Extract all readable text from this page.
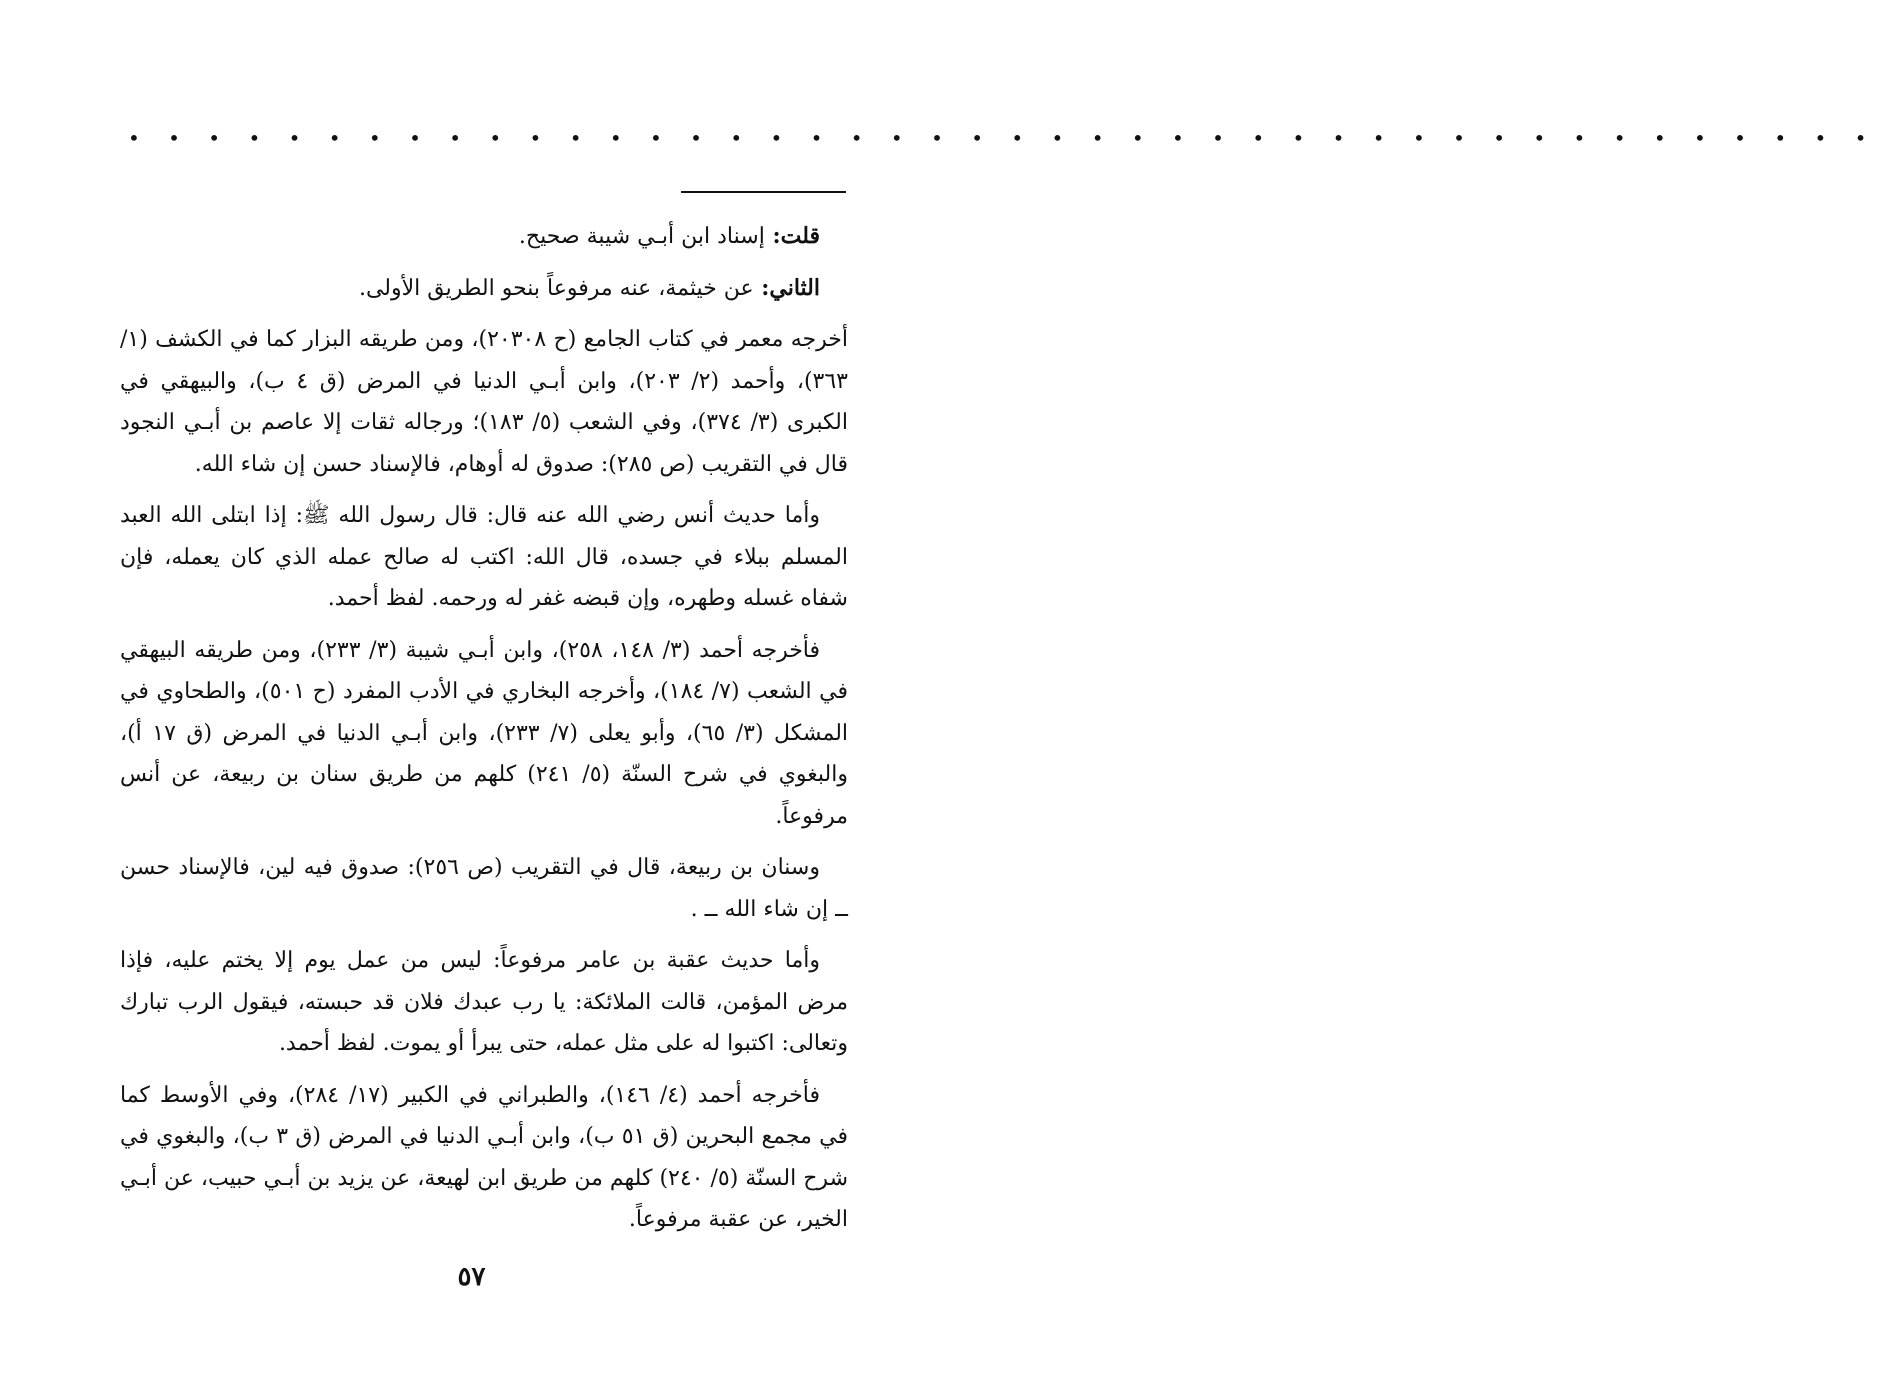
• • • • • • • • • • • • • • • • • • • • • • • • • • • • • • • • • • • • • • • • • • • •

قلت: إسناد ابن أبـي شيبة صحيح.

الثاني: عن خيثمة، عنه مرفوعاً بنحو الطريق الأولى.

أخرجه معمر في كتاب الجامع (ح ٢٠٣٠٨)، ومن طريقه البزار كما في الكشف (١/ ٣٦٣)، وأحمد (٢/ ٢٠٣)، وابن أبـي الدنيا في المرض (ق ٤ ب)، والبيهقي في الكبرى (٣/ ٣٧٤)، وفي الشعب (٥/ ١٨٣)؛ ورجاله ثقات إلا عاصم بن أبـي النجود قال في التقريب (ص ٢٨٥): صدوق له أوهام، فالإسناد حسن إن شاء الله.

وأما حديث أنس رضي الله عنه قال: قال رسول الله ﷺ: إذا ابتلى الله العبد المسلم ببلاء في جسده، قال الله: اكتب له صالح عمله الذي كان يعمله، فإن شفاه غسله وطهره، وإن قبضه غفر له ورحمه. لفظ أحمد.

فأخرجه أحمد (٣/ ١٤٨، ٢٥٨)، وابن أبـي شيبة (٣/ ٢٣٣)، ومن طريقه البيهقي في الشعب (٧/ ١٨٤)، وأخرجه البخاري في الأدب المفرد (ح ٥٠١)، والطحاوي في المشكل (٣/ ٦٥)، وأبو يعلى (٧/ ٢٣٣)، وابن أبـي الدنيا في المرض (ق ١٧ أ)، والبغوي في شرح السنّة (٥/ ٢٤١) كلهم من طريق سنان بن ربيعة، عن أنس مرفوعاً.

وسنان بن ربيعة، قال في التقريب (ص ٢٥٦): صدوق فيه لين، فالإسناد حسن ــ إن شاء الله ــ .

وأما حديث عقبة بن عامر مرفوعاً: ليس من عمل يوم إلا يختم عليه، فإذا مرض المؤمن، قالت الملائكة: يا رب عبدك فلان قد حبسته، فيقول الرب تبارك وتعالى: اكتبوا له على مثل عمله، حتى يبرأ أو يموت. لفظ أحمد.

فأخرجه أحمد (٤/ ١٤٦)، والطبراني في الكبير (١٧/ ٢٨٤)، وفي الأوسط كما في مجمع البحرين (ق ٥١ ب)، وابن أبـي الدنيا في المرض (ق ٣ ب)، والبغوي في شرح السنّة (٥/ ٢٤٠) كلهم من طريق ابن لهيعة، عن يزيد بن أبـي حبيب، عن أبـي الخير، عن عقبة مرفوعاً.

٥٧
